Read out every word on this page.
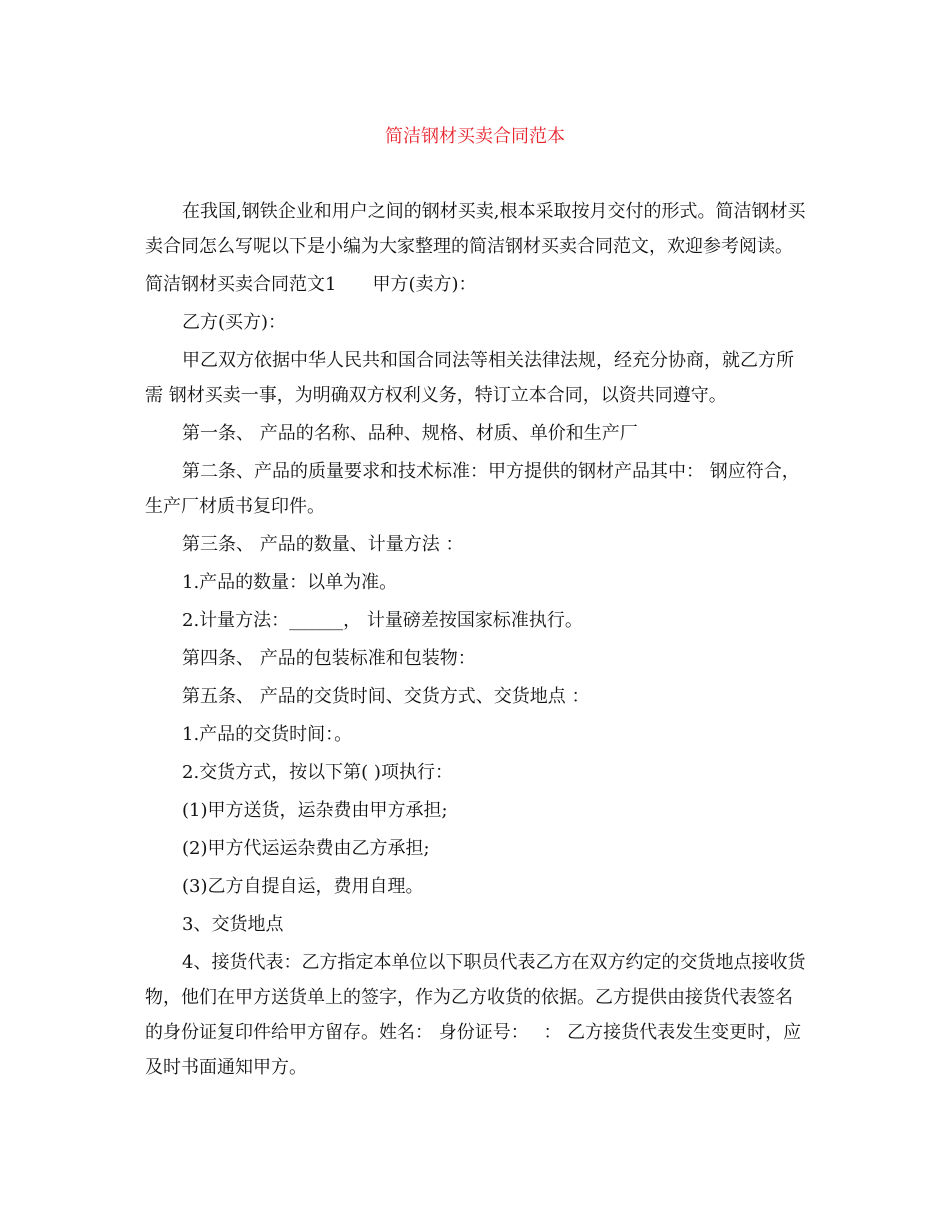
简洁钢材买卖合同范本

在我国,钢铁企业和用户之间的钢材买卖,根本采取按月交付的形式。简洁钢材买卖合同怎么写呢以下是小编为大家整理的简洁钢材买卖合同范文，欢迎参考阅读。

简洁钢材买卖合同范文1　　甲方(卖方)：

乙方(买方)：

甲乙双方依据中华人民共和国合同法等相关法律法规，经充分协商，就乙方所需 钢材买卖一事，为明确双方权利义务，特订立本合同，以资共同遵守。

第一条、 产品的名称、品种、规格、材质、单价和生产厂

第二条、产品的质量要求和技术标准：甲方提供的钢材产品其中： 钢应符合，生产厂材质书复印件。

第三条、 产品的数量、计量方法 ：

1.产品的数量：以单为准。

2.计量方法：______， 计量磅差按国家标准执行。

第四条、 产品的包装标准和包装物：

第五条、 产品的交货时间、交货方式、交货地点 ：

1.产品的交货时间：。

2.交货方式，按以下第( )项执行：

(1)甲方送货，运杂费由甲方承担;

(2)甲方代运运杂费由乙方承担;

(3)乙方自提自运，费用自理。

3、交货地点

4、接货代表：乙方指定本单位以下职员代表乙方在双方约定的交货地点接收货物，他们在甲方送货单上的签字，作为乙方收货的依据。乙方提供由接货代表签名的身份证复印件给甲方留存。姓名： 身份证号：　 ： 乙方接货代表发生变更时，应及时书面通知甲方。
